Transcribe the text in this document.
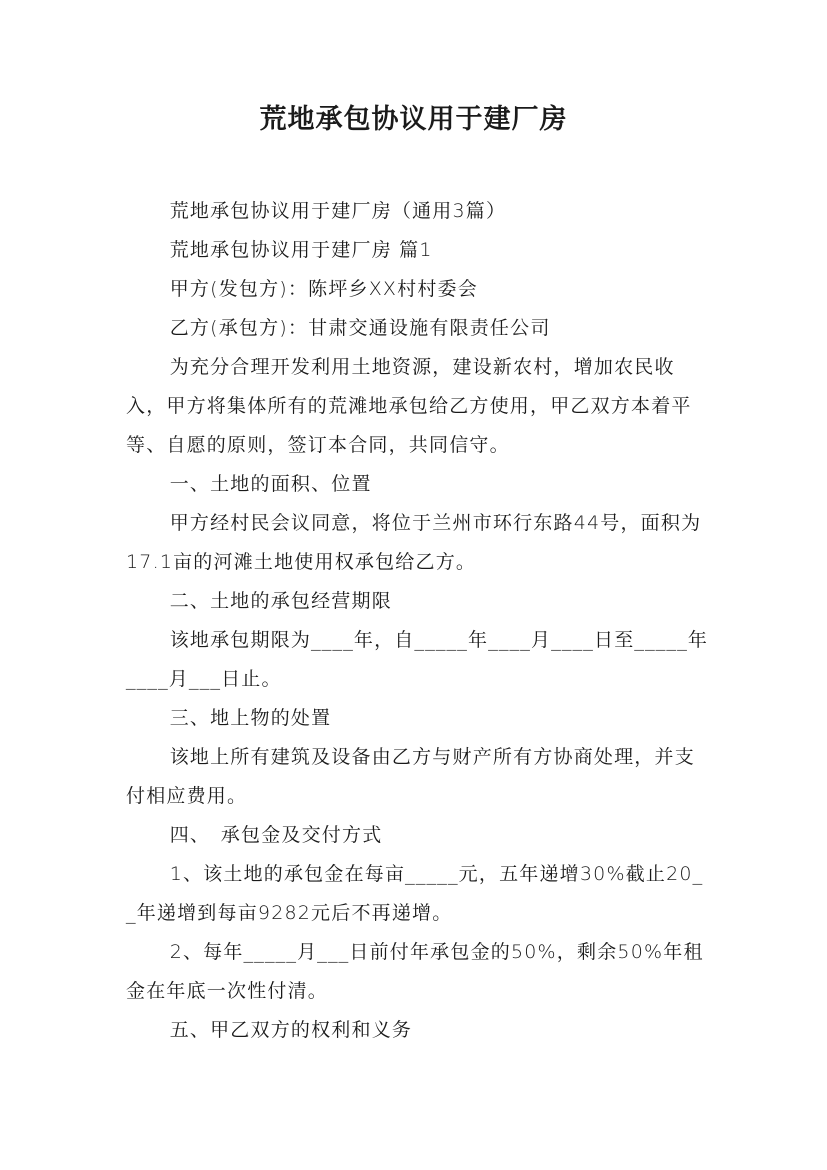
荒地承包协议用于建厂房

荒地承包协议用于建厂房（通用3篇）

荒地承包协议用于建厂房 篇1

甲方(发包方)：陈坪乡XX村村委会

乙方(承包方)：甘肃交通设施有限责任公司

为充分合理开发利用土地资源，建设新农村，增加农民收入，甲方将集体所有的荒滩地承包给乙方使用，甲乙双方本着平等、自愿的原则，签订本合同，共同信守。

一、土地的面积、位置

甲方经村民会议同意，将位于兰州市环行东路44号，面积为17.1亩的河滩土地使用权承包给乙方。

二、土地的承包经营期限

该地承包期限为____年，自_____年____月____日至_____年____月___日止。

三、地上物的处置

该地上所有建筑及设备由乙方与财产所有方协商处理，并支付相应费用。

四、　承包金及交付方式

1、该土地的承包金在每亩_____元，五年递增30%截止20__年递增到每亩9282元后不再递增。

2、每年_____月___日前付年承包金的50%，剩余50%年租金在年底一次性付清。

五、甲乙双方的权利和义务
